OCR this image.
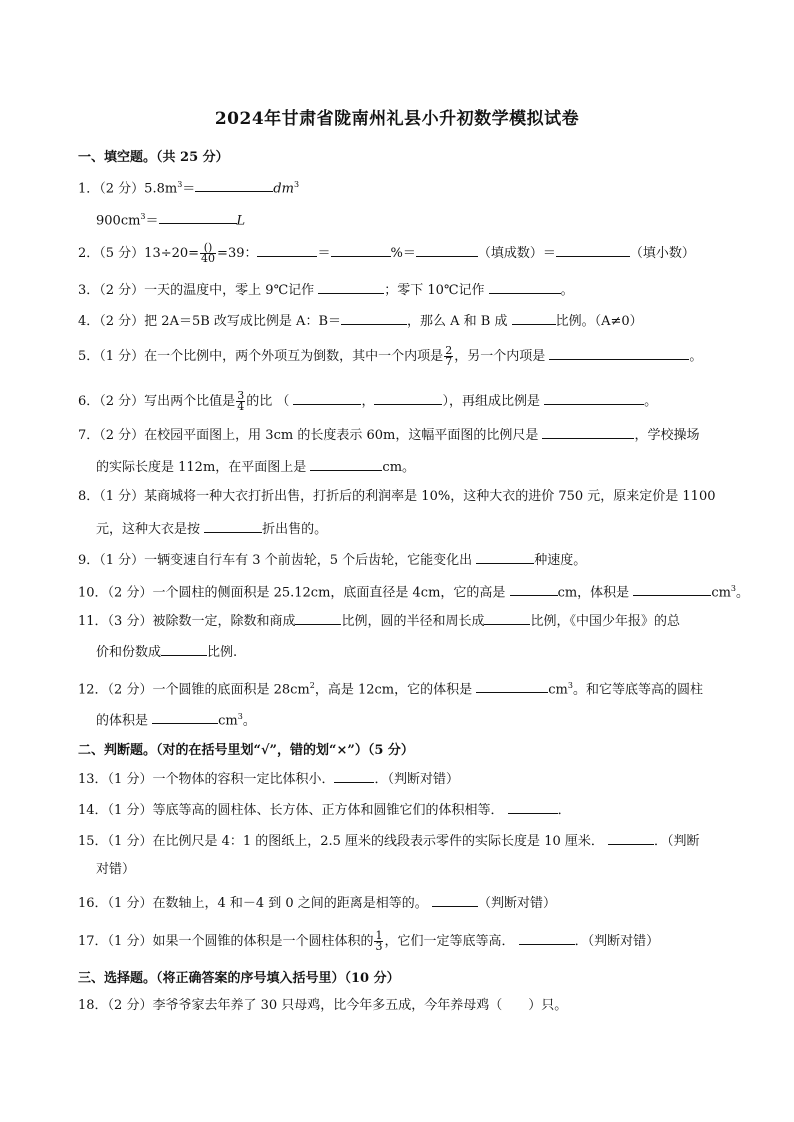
2024年甘肃省陇南州礼县小升初数学模拟试卷
一、填空题。（共 25 分）
1．（2 分）$5.8m^3=$	$dm^3$
$900cm^3=$	L
2．（5 分）$13\div 20= \frac{()}{40} =39$：	＝	%＝	（填成数）＝	（填小数）
3．（2 分）一天的温度中，零上 9℃记作	；零下 10℃记作	。
4．（2 分）把 2A＝5B 改写成比例是 A：B＝	，那么 A 和 B 成	比例。（A≠0）
5．（1 分）在一个比例中，两个外项互为倒数，其中一个内项是 $\frac{2}{7}$ ，另一个内项是	。
6．（2 分）写出两个比值是 $\frac{3}{4}$ 的比 （	，	），再组成比例是	。
7．（2 分）在校园平面图上，用 3cm 的长度表示 60m，这幅平面图的比例尺是	，学校操场
的实际长度是 112m，在平面图上是	cm。
8．（1 分）某商城将一种大衣打折出售，打折后的利润率是 10%，这种大衣的进价 750 元，原来定价是 1100
元，这种大衣是按	折出售的。
9．（1 分）一辆变速自行车有 3 个前齿轮，5 个后齿轮，它能变化出	种速度。
10．（2 分）一个圆柱的侧面积是 25.12cm，底面直径是 4cm，它的高是	cm，体积是	$cm^3$。
11．（3 分）被除数一定，除数和商成	比例，圆的半径和周长成	比例，《中国少年报》的总
价和份数成	比例.
12．（2 分）一个圆锥的底面积是 $28cm^2$，高是 12cm，它的体积是	$cm^3$。和它等底等高的圆柱
的体积是	$cm^3$。
二、判断题。（对的在括号里划“√”，错的划“×”）（5 分）
13．（1 分）一个物体的容积一定比体积小．	．（判断对错）
14．（1 分）等底等高的圆柱体、长方体、正方体和圆锥它们的体积相等．	．
15．（1 分）在比例尺是 4：1 的图纸上，2.5 厘米的线段表示零件的实际长度是 10 厘米．	．（判断
对错）
16．（1 分）在数轴上，4 和－4 到 0 之间的距离是相等的。	（判断对错）
17．（1 分）如果一个圆锥的体积是一个圆柱体积的 $\frac{1}{3}$ ，它们一定等底等高．	．（判断对错）
三、选择题。（将正确答案的序号填入括号里）（10 分）
18．（2 分）李爷爷家去年养了 30 只母鸡，比今年多五成，今年养母鸡（　　）只。
